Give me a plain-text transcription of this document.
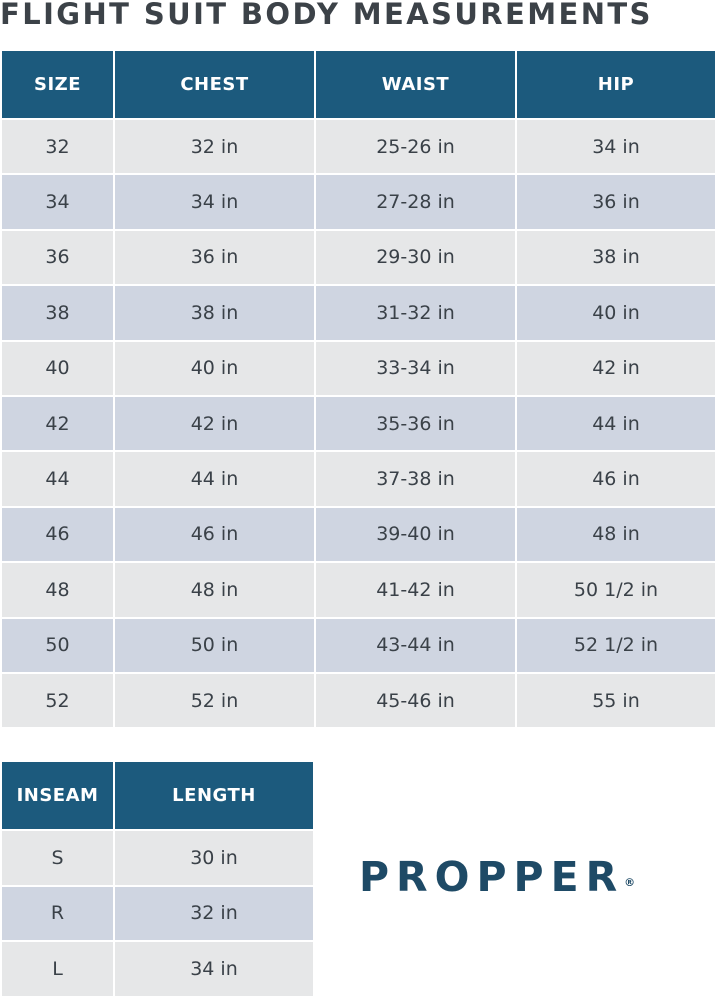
FLIGHT SUIT BODY MEASUREMENTS
SIZE	CHEST	WAIST	HIP
32	32 in	25-26 in	34 in
34	34 in	27-28 in	36 in
36	36 in	29-30 in	38 in
38	38 in	31-32 in	40 in
40	40 in	33-34 in	42 in
42	42 in	35-36 in	44 in
44	44 in	37-38 in	46 in
46	46 in	39-40 in	48 in
48	48 in	41-42 in	50 1/2 in
50	50 in	43-44 in	52 1/2 in
52	52 in	45-46 in	55 in
INSEAM	LENGTH
S	30 in
R	32 in
L	34 in
PROPPER®
